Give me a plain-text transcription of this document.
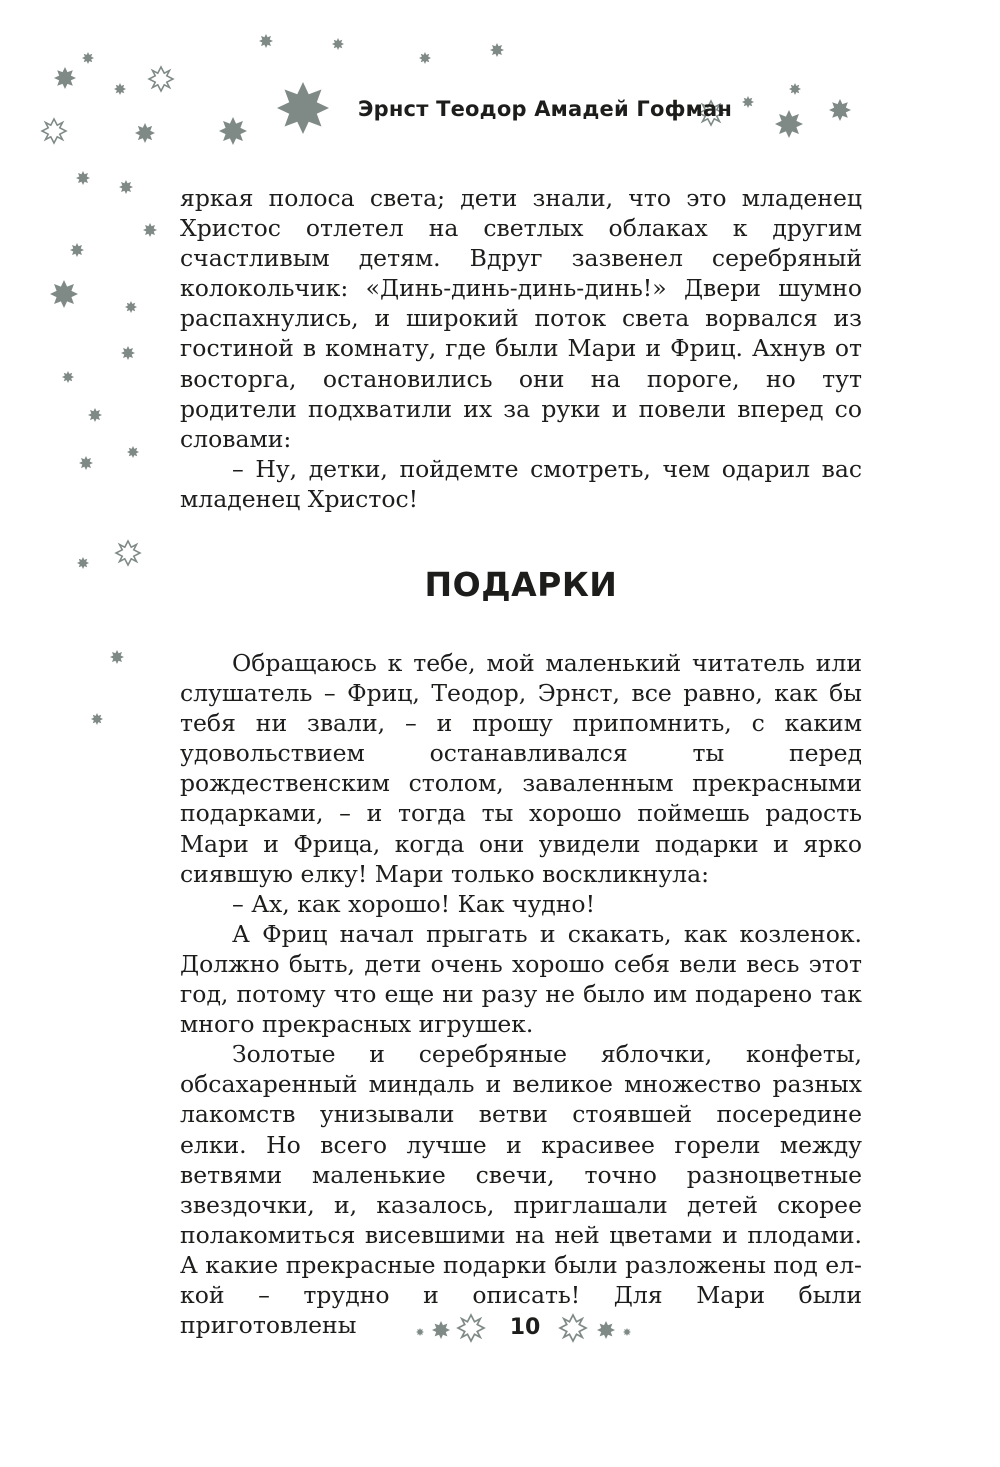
Эрнст Теодор Амадей Гофман

яркая полоса света; дети знали, что это младенец Христос отлетел на светлых облаках к другим счастливым детям. Вдруг зазвенел серебряный колокольчик: «Динь-динь-динь-динь!» Двери шумно распахнулись, и широкий поток света ворвался из гостиной в комнату, где были Мари и Фриц. Ахнув от восторга, остановились они на пороге, но тут родители подхватили их за руки и повели вперед со словами:

– Ну, детки, пойдемте смотреть, чем одарил вас младенец Христос!

ПОДАРКИ

Обращаюсь к тебе, мой маленький читатель или слушатель – Фриц, Теодор, Эрнст, все равно, как бы тебя ни звали, – и прошу припомнить, с каким удовольствием останавливался ты перед рождественским столом, заваленным прекрасными подарками, – и тогда ты хорошо поймешь радость Мари и Фрица, когда они увидели подарки и ярко сиявшую елку! Мари только воскликнула:

– Ах, как хорошо! Как чудно!

А Фриц начал прыгать и скакать, как козленок. Должно быть, дети очень хорошо себя вели весь этот год, потому что еще ни разу не было им подарено так много прекрасных игрушек.

Золотые и серебряные яблочки, конфеты, обсахаренный миндаль и великое множество разных лакомств унизывали ветви стоявшей посередине елки. Но всего лучше и красивее горели между ветвями маленькие свечи, точно разноцветные звездочки, и, казалось, приглашали детей скорее полакомиться висевшими на ней цветами и плодами. А какие прекрасные подарки были разложены под елкой – трудно и описать! Для Мари были приготовлены	10
